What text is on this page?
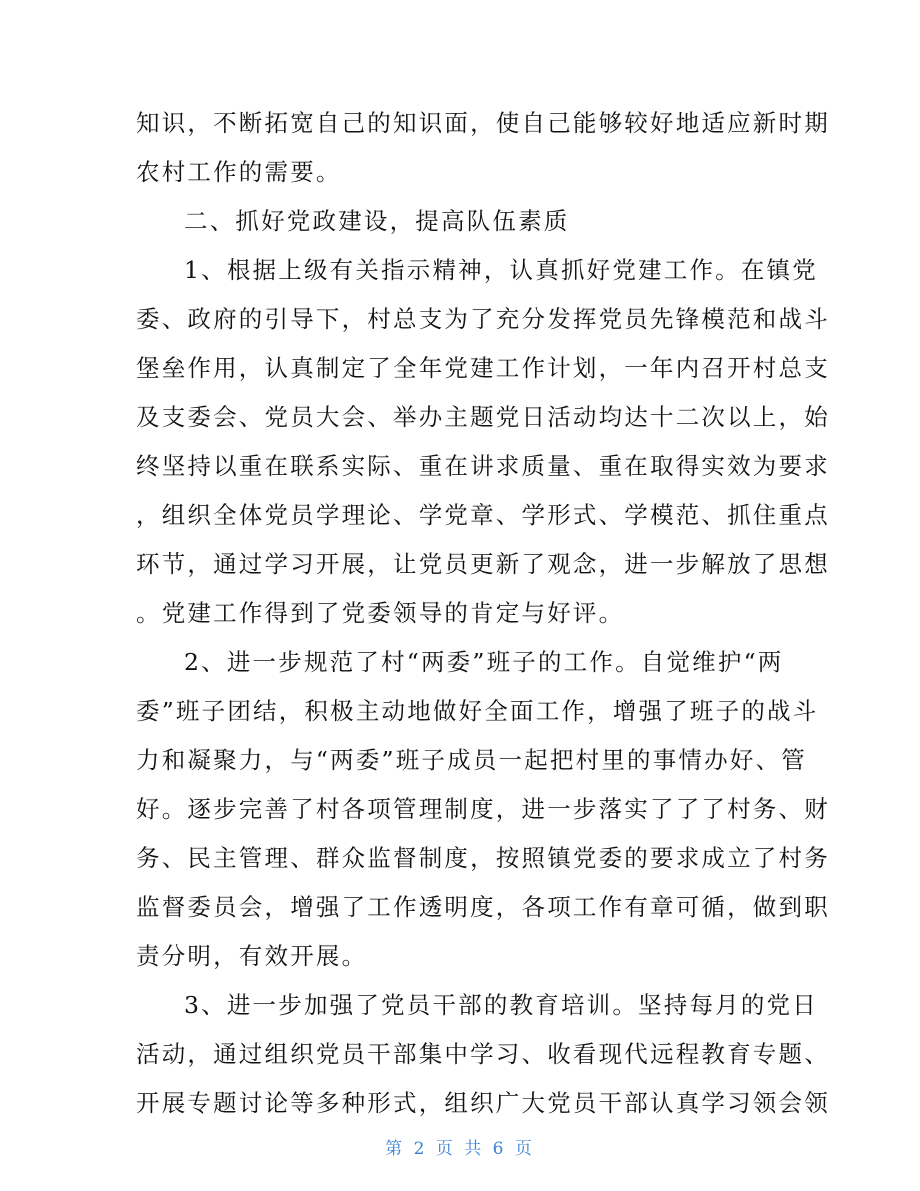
知识，不断拓宽自己的知识面，使自己能够较好地适应新时期
农村工作的需要。
二、抓好党政建设，提高队伍素质
1、根据上级有关指示精神，认真抓好党建工作。在镇党
委、政府的引导下，村总支为了充分发挥党员先锋模范和战斗
堡垒作用，认真制定了全年党建工作计划，一年内召开村总支
及支委会、党员大会、举办主题党日活动均达十二次以上，始
终坚持以重在联系实际、重在讲求质量、重在取得实效为要求
，组织全体党员学理论、学党章、学形式、学模范、抓住重点
环节，通过学习开展，让党员更新了观念，进一步解放了思想
。党建工作得到了党委领导的肯定与好评。
2、进一步规范了村“两委”班子的工作。自觉维护“两
委”班子团结，积极主动地做好全面工作，增强了班子的战斗
力和凝聚力，与“两委”班子成员一起把村里的事情办好、管
好。逐步完善了村各项管理制度，进一步落实了了了村务、财
务、民主管理、群众监督制度，按照镇党委的要求成立了村务
监督委员会，增强了工作透明度，各项工作有章可循，做到职
责分明，有效开展。
3、进一步加强了党员干部的教育培训。坚持每月的党日
活动，通过组织党员干部集中学习、收看现代远程教育专题、
开展专题讨论等多种形式，组织广大党员干部认真学习领会领
第 2 页 共 6 页
